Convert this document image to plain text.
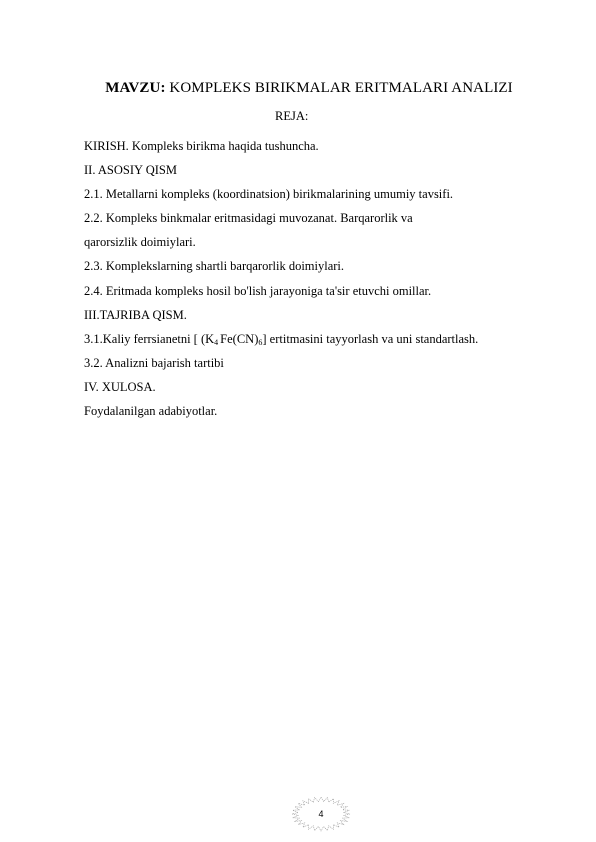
MAVZU: KOMPLEKS BIRIKMALAR ERITMALARI ANALIZI
REJA:
KIRISH. Kompleks birikma haqida tushuncha.
II. ASOSIY QISM
2.1. Metallarni kompleks (koordinatsion) birikmalarining umumiy tavsifi.
2.2. Kompleks binkmalar eritmasidagi muvozanat. Barqarorlik va
qarorsizlik doimiylari.
2.3. Komplekslarning shartli barqarorlik doimiylari.
2.4. Eritmada kompleks hosil bo'lish jarayoniga ta'sir etuvchi omillar.
III.TAJRIBA QISM.
3.1.Kaliy ferrsianetni [ ($K_4$ $Fe(CN)_6$] ertitmasini tayyorlash va uni standartlash.
3.2. Analizni bajarish tartibi
IV. XULOSA.
Foydalanilgan adabiyotlar.
4
